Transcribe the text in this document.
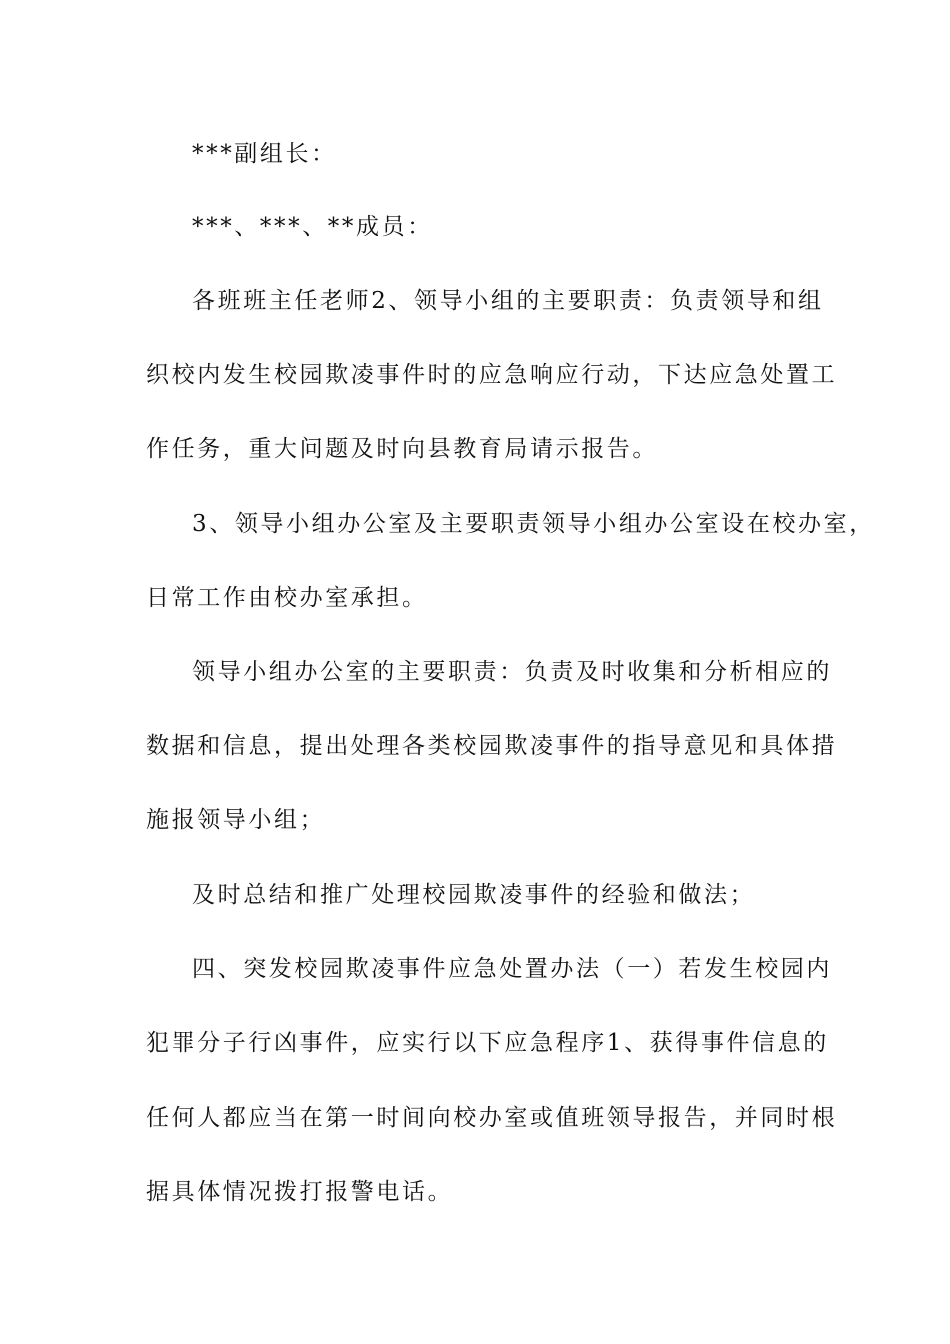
***副组长：
***、***、**成员：
各班班主任老师2、领导小组的主要职责：负责领导和组
织校内发生校园欺凌事件时的应急响应行动，下达应急处置工
作任务，重大问题及时向县教育局请示报告。
3、领导小组办公室及主要职责领导小组办公室设在校办室，
日常工作由校办室承担。
领导小组办公室的主要职责：负责及时收集和分析相应的
数据和信息，提出处理各类校园欺凌事件的指导意见和具体措
施报领导小组；
及时总结和推广处理校园欺凌事件的经验和做法；
四、突发校园欺凌事件应急处置办法（一）若发生校园内
犯罪分子行凶事件，应实行以下应急程序1、获得事件信息的
任何人都应当在第一时间向校办室或值班领导报告，并同时根
据具体情况拨打报警电话。
